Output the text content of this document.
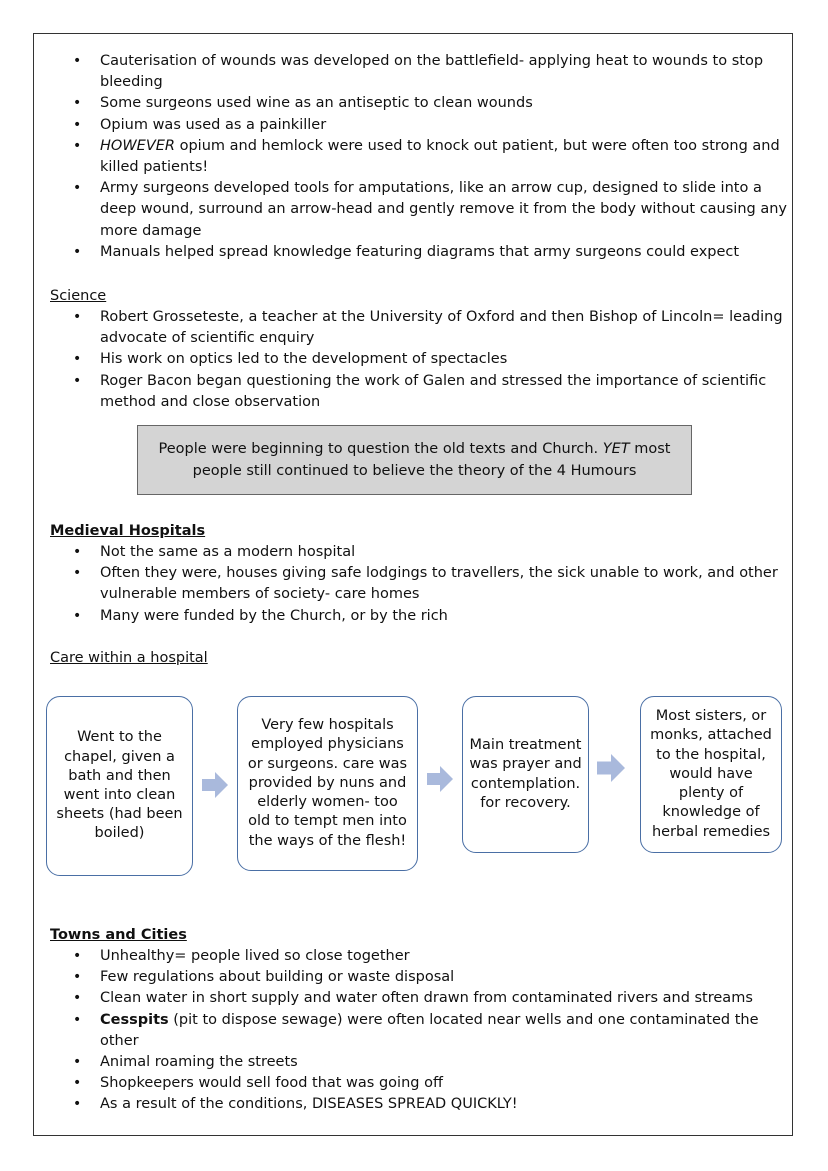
• Cauterisation of wounds was developed on the battlefield- applying heat to wounds to stop bleeding
• Some surgeons used wine as an antiseptic to clean wounds
• Opium was used as a painkiller
• HOWEVER opium and hemlock were used to knock out patient, but were often too strong and killed patients!
• Army surgeons developed tools for amputations, like an arrow cup, designed to slide into a deep wound, surround an arrow-head and gently remove it from the body without causing any more damage
• Manuals helped spread knowledge featuring diagrams that army surgeons could expect
Science
• Robert Grosseteste, a teacher at the University of Oxford and then Bishop of Lincoln= leading advocate of scientific enquiry
• His work on optics led to the development of spectacles
• Roger Bacon began questioning the work of Galen and stressed the importance of scientific method and close observation
People were beginning to question the old texts and Church. YET most people still continued to believe the theory of the 4 Humours
Medieval Hospitals
• Not the same as a modern hospital
• Often they were, houses giving safe lodgings to travellers, the sick unable to work, and other vulnerable members of society- care homes
• Many were funded by the Church, or by the rich
Care within a hospital
Went to the chapel, given a bath and then went into clean sheets (had been boiled)
Very few hospitals employed physicians or surgeons. care was provided by nuns and elderly women- too old to tempt men into the ways of the flesh!
Main treatment was prayer and contemplation. for recovery.
Most sisters, or monks, attached to the hospital, would have plenty of knowledge of herbal remedies
Towns and Cities
• Unhealthy= people lived so close together
• Few regulations about building or waste disposal
• Clean water in short supply and water often drawn from contaminated rivers and streams
• Cesspits (pit to dispose sewage) were often located near wells and one contaminated the other
• Animal roaming the streets
• Shopkeepers would sell food that was going off
• As a result of the conditions, DISEASES SPREAD QUICKLY!
